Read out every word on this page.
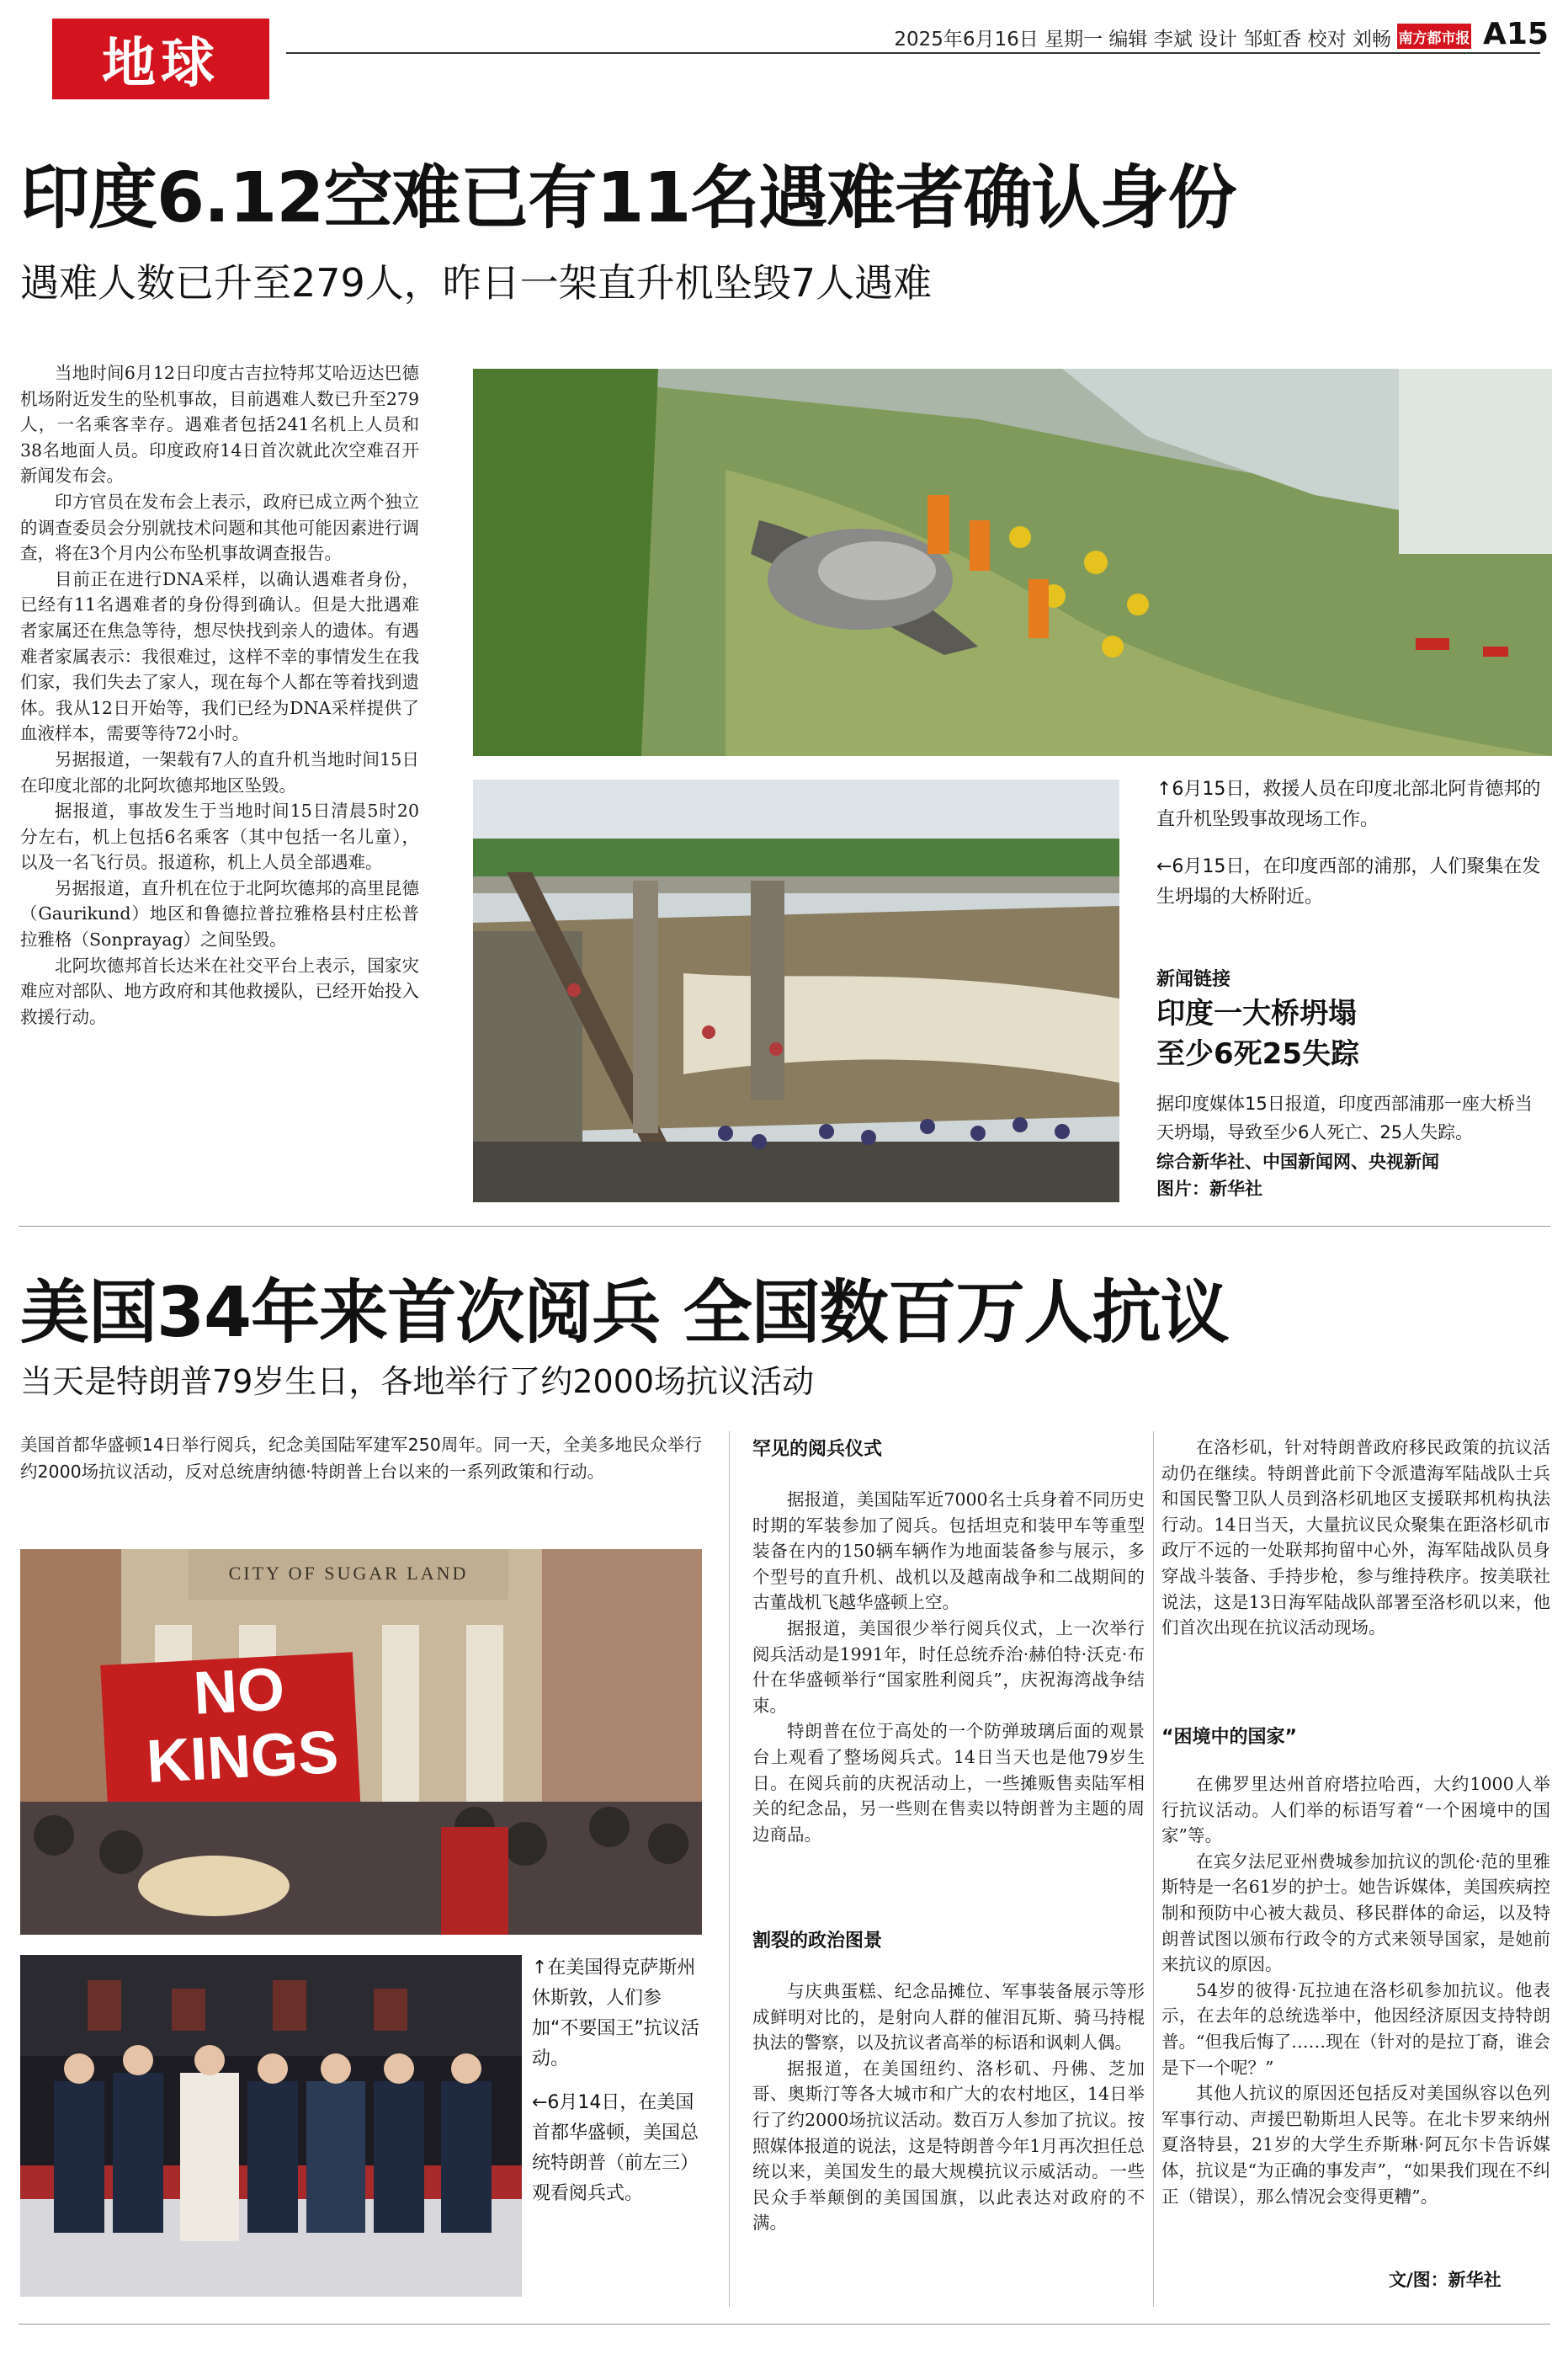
地球	2025年6月16日 星期一 编辑 李斌 设计 邹虹香 校对 刘畅 南方都市报 A15
印度6.12空难已有11名遇难者确认身份
遇难人数已升至279人，昨日一架直升机坠毁7人遇难

当地时间6月12日印度古吉拉特邦艾哈迈达巴德机场附近发生的坠机事故，目前遇难人数已升至279人，一名乘客幸存。遇难者包括241名机上人员和38名地面人员。印度政府14日首次就此次空难召开新闻发布会。

印方官员在发布会上表示，政府已成立两个独立的调查委员会分别就技术问题和其他可能因素进行调查，将在3个月内公布坠机事故调查报告。

目前正在进行DNA采样，以确认遇难者身份，已经有11名遇难者的身份得到确认。但是大批遇难者家属还在焦急等待，想尽快找到亲人的遗体。有遇难者家属表示：我很难过，这样不幸的事情发生在我们家，我们失去了家人，现在每个人都在等着找到遗体。我从12日开始等，我们已经为DNA采样提供了血液样本，需要等待72小时。

另据报道，一架载有7人的直升机当地时间15日在印度北部的北阿坎德邦地区坠毁。

据报道，事故发生于当地时间15日清晨5时20分左右，机上包括6名乘客（其中包括一名儿童），以及一名飞行员。报道称，机上人员全部遇难。

另据报道，直升机在位于北阿坎德邦的高里昆德（Gaurikund）地区和鲁德拉普拉雅格县村庄松普拉雅格（Sonprayag）之间坠毁。

北阿坎德邦首长达米在社交平台上表示，国家灾难应对部队、地方政府和其他救援队，已经开始投入救援行动。

↑6月15日，救援人员在印度北部北阿肯德邦的直升机坠毁事故现场工作。
←6月15日，在印度西部的浦那，人们聚集在发生坍塌的大桥附近。
新闻链接
印度一大桥坍塌
至少6死25失踪
据印度媒体15日报道，印度西部浦那一座大桥当天坍塌，导致至少6人死亡、25人失踪。
综合新华社、中国新闻网、央视新闻
图片：新华社
美国34年来首次阅兵 全国数百万人抗议
当天是特朗普79岁生日，各地举行了约2000场抗议活动
美国首都华盛顿14日举行阅兵，纪念美国陆军建军250周年。同一天，全美多地民众举行约2000场抗议活动，反对总统唐纳德·特朗普上台以来的一系列政策和行动。
NO
KINGS
CITY OF SUGAR LAND
↑在美国得克萨斯州休斯敦，人们参加“不要国王”抗议活动。
←6月14日，在美国首都华盛顿，美国总统特朗普（前左三）观看阅兵式。
罕见的阅兵仪式

据报道，美国陆军近7000名士兵身着不同历史时期的军装参加了阅兵。包括坦克和装甲车等重型装备在内的150辆车辆作为地面装备参与展示，多个型号的直升机、战机以及越南战争和二战期间的古董战机飞越华盛顿上空。

据报道，美国很少举行阅兵仪式，上一次举行阅兵活动是1991年，时任总统乔治·赫伯特·沃克·布什在华盛顿举行“国家胜利阅兵”，庆祝海湾战争结束。

特朗普在位于高处的一个防弹玻璃后面的观景台上观看了整场阅兵式。14日当天也是他79岁生日。在阅兵前的庆祝活动上，一些摊贩售卖陆军相关的纪念品，另一些则在售卖以特朗普为主题的周边商品。

割裂的政治图景

与庆典蛋糕、纪念品摊位、军事装备展示等形成鲜明对比的，是射向人群的催泪瓦斯、骑马持棍执法的警察，以及抗议者高举的标语和讽刺人偶。

据报道，在美国纽约、洛杉矶、丹佛、芝加哥、奥斯汀等各大城市和广大的农村地区，14日举行了约2000场抗议活动。数百万人参加了抗议。按照媒体报道的说法，这是特朗普今年1月再次担任总统以来，美国发生的最大规模抗议示威活动。一些民众手举颠倒的美国国旗，以此表达对政府的不满。

在洛杉矶，针对特朗普政府移民政策的抗议活动仍在继续。特朗普此前下令派遣海军陆战队士兵和国民警卫队人员到洛杉矶地区支援联邦机构执法行动。14日当天，大量抗议民众聚集在距洛杉矶市政厅不远的一处联邦拘留中心外，海军陆战队员身穿战斗装备、手持步枪，参与维持秩序。按美联社说法，这是13日海军陆战队部署至洛杉矶以来，他们首次出现在抗议活动现场。

“困境中的国家”

在佛罗里达州首府塔拉哈西，大约1000人举行抗议活动。人们举的标语写着“一个困境中的国家”等。

在宾夕法尼亚州费城参加抗议的凯伦·范的里雅斯特是一名61岁的护士。她告诉媒体，美国疾病控制和预防中心被大裁员、移民群体的命运，以及特朗普试图以颁布行政令的方式来领导国家，是她前来抗议的原因。

54岁的彼得·瓦拉迪在洛杉矶参加抗议。他表示，在去年的总统选举中，他因经济原因支持特朗普。“但我后悔了……现在（针对的是拉丁裔，谁会是下一个呢？”

其他人抗议的原因还包括反对美国纵容以色列军事行动、声援巴勒斯坦人民等。在北卡罗来纳州夏洛特县，21岁的大学生乔斯琳·阿瓦尔卡告诉媒体，抗议是“为正确的事发声”，“如果我们现在不纠正（错误），那么情况会变得更糟”。

文/图：新华社
